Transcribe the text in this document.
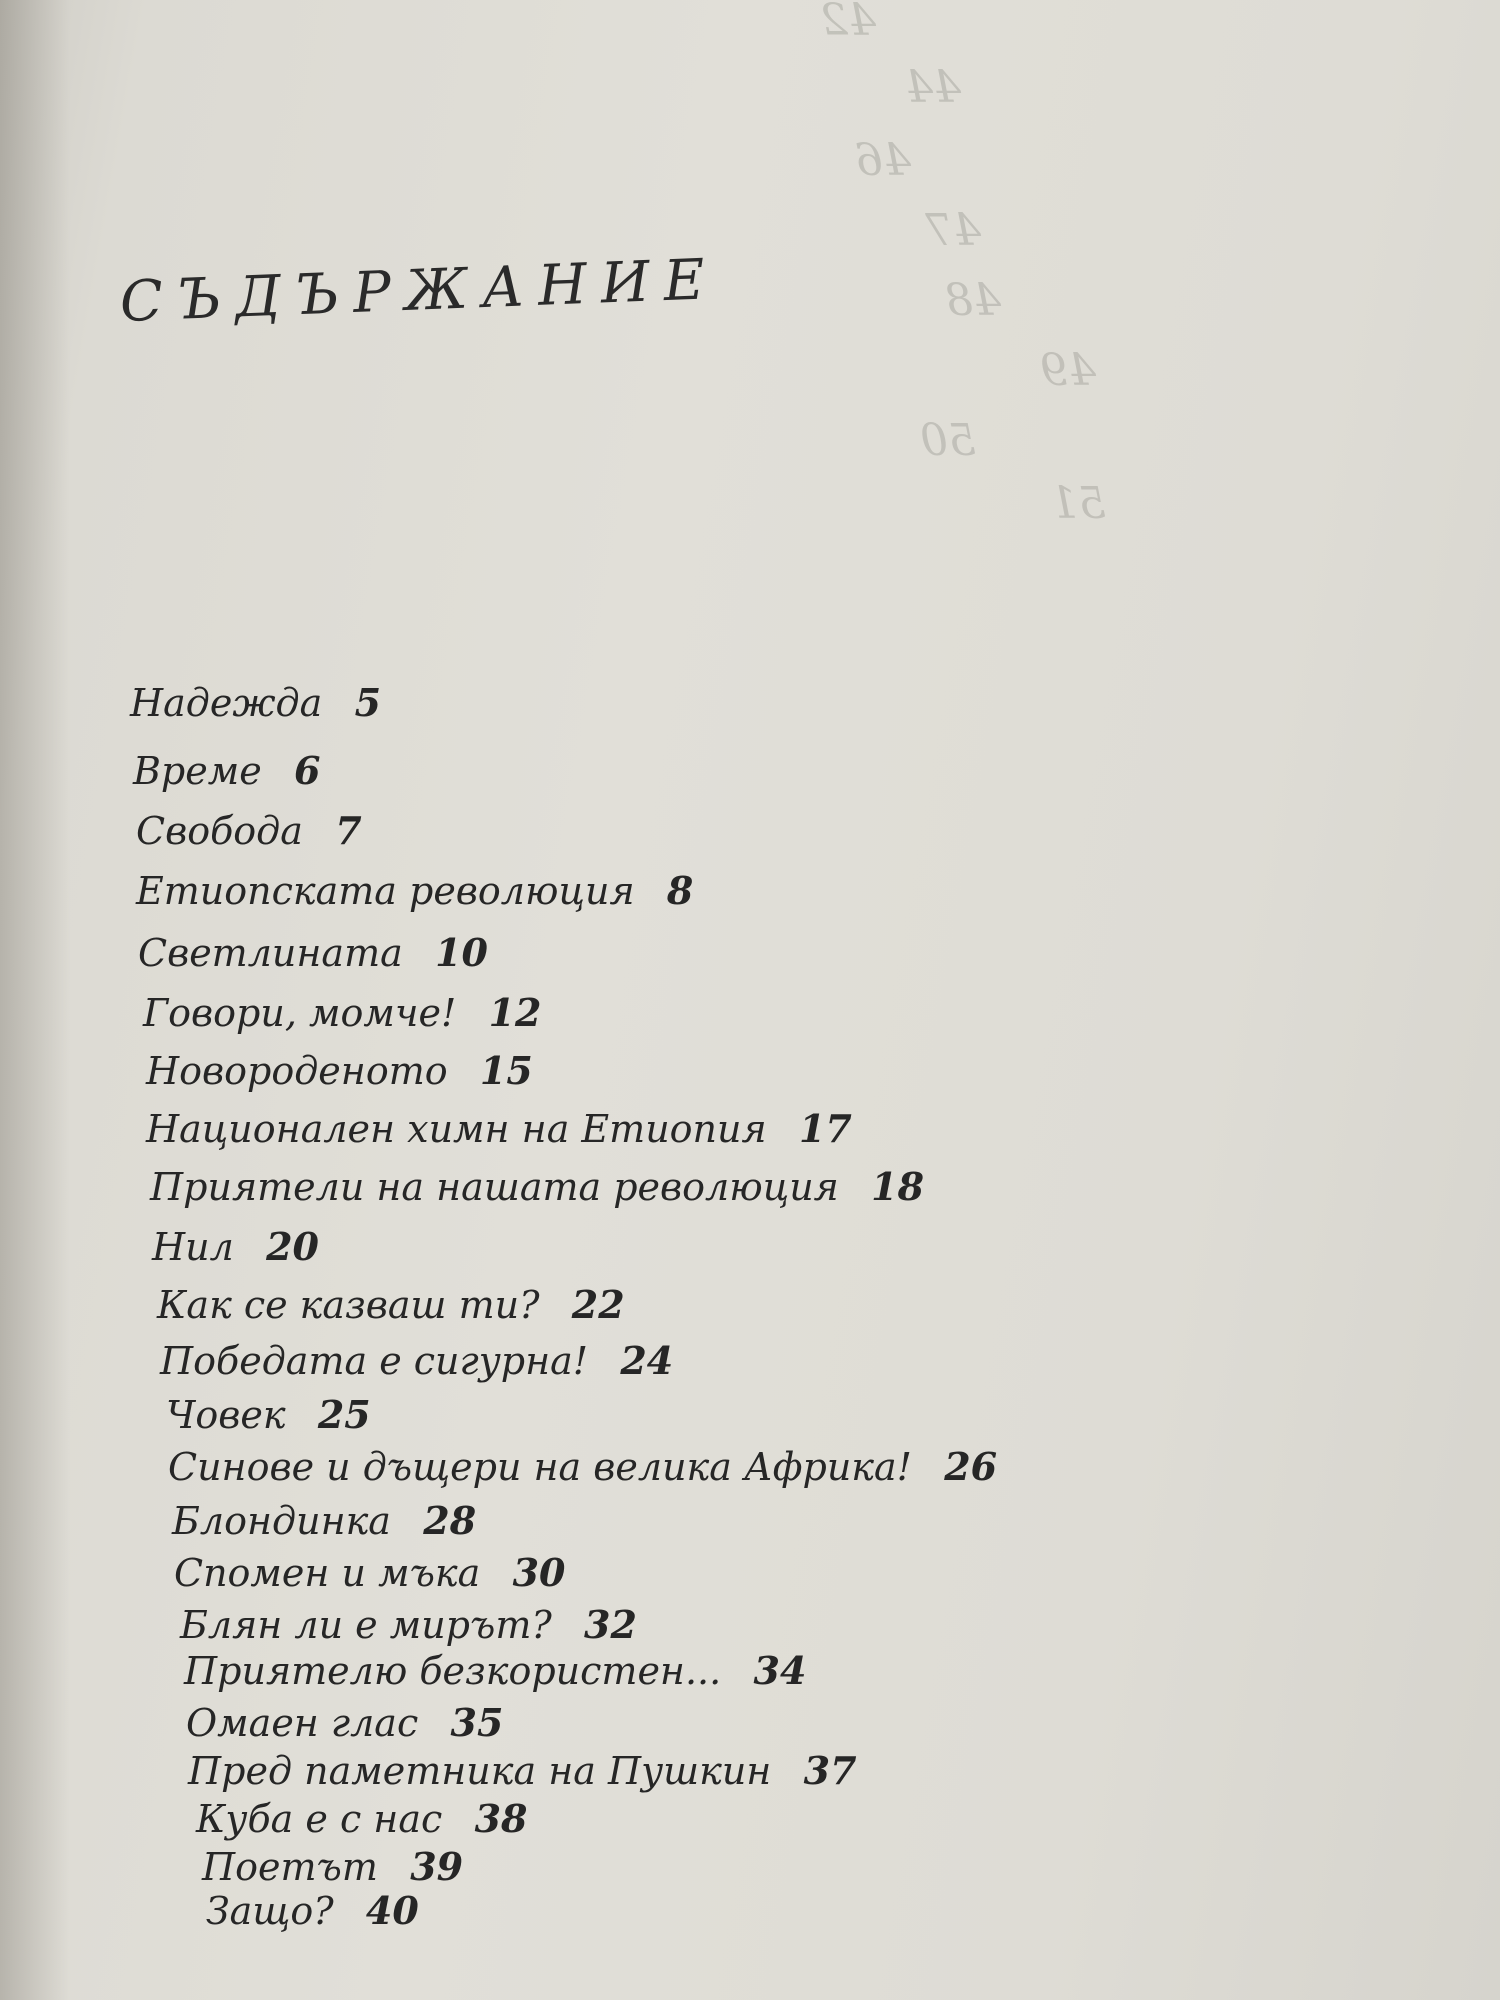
42
44
46
47
48
49
50
51
СЪДЪРЖАНИЕ
Надежда 5
Време 6
Свобода 7
Етиопската революция 8
Светлината 10
Говори, момче! 12
Новороденото 15
Национален химн на Етиопия 17
Приятели на нашата революция 18
Нил 20
Как се казваш ти? 22
Победата е сигурна! 24
Човек 25
Синове и дъщери на велика Африка! 26
Блондинка 28
Спомен и мъка 30
Блян ли е мирът? 32
Приятелю безкористен... 34
Омаен глас 35
Пред паметника на Пушкин 37
Куба е с нас 38
Поетът 39
Защо? 40
